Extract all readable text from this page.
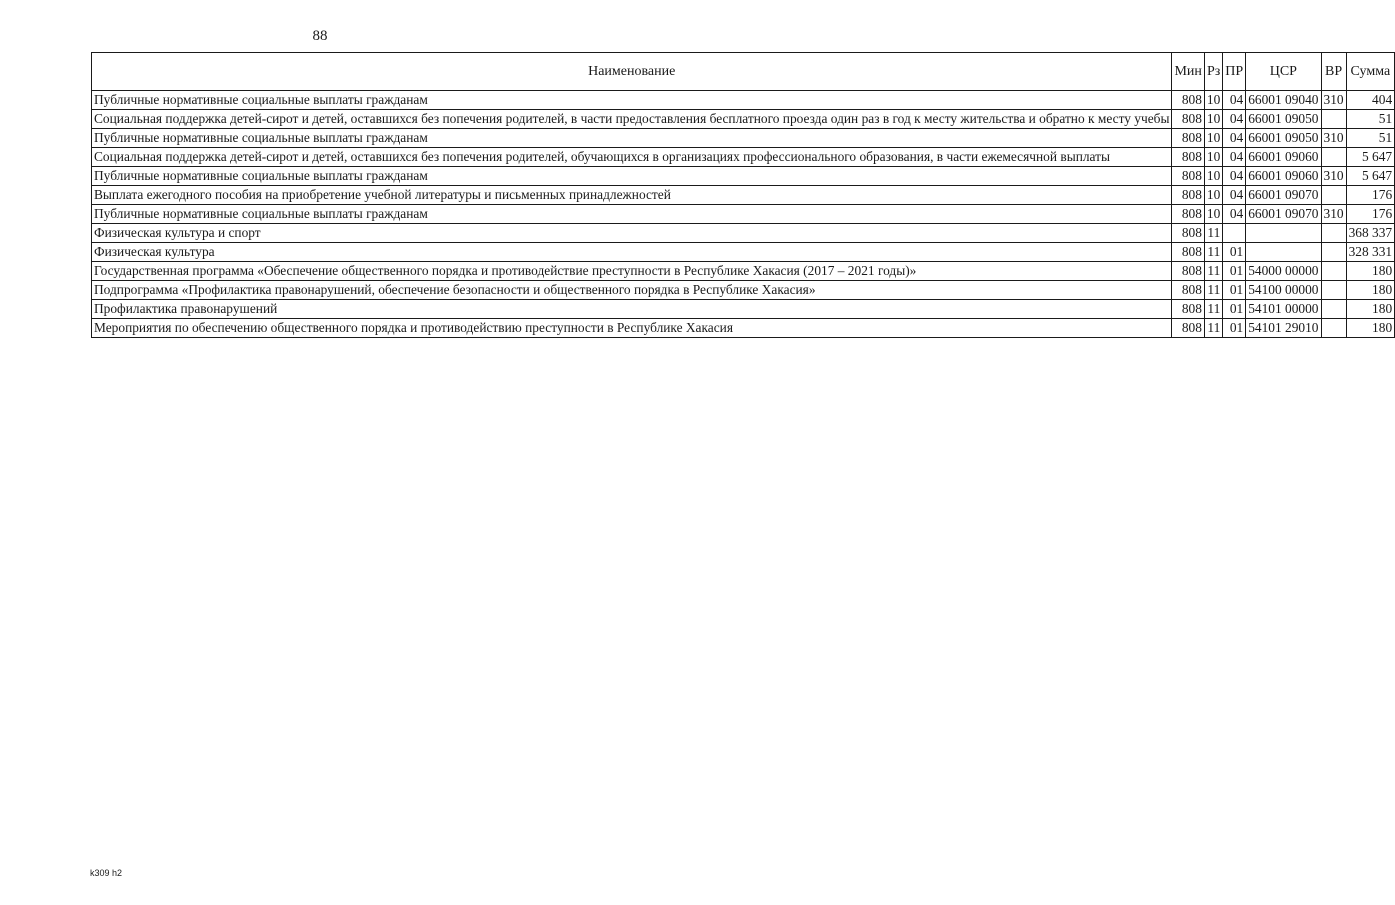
88
Наименование	Мин	Рз	ПР	ЦСР	ВР	Сумма
Публичные нормативные социальные выплаты гражданам	808	10	04	66001 09040	310	404
Социальная поддержка детей-сирот и детей, оставшихся без попечения родителей, в части предоставления бесплатного проезда один раз в год к месту жительства и обратно к месту учебы	808	10	04	66001 09050		51
Публичные нормативные социальные выплаты гражданам	808	10	04	66001 09050	310	51
Социальная поддержка детей-сирот и детей, оставшихся без попечения родителей, обучающихся в организациях профессионального образования, в части ежемесячной выплаты	808	10	04	66001 09060		5 647
Публичные нормативные социальные выплаты гражданам	808	10	04	66001 09060	310	5 647
Выплата ежегодного пособия на приобретение учебной литературы и письменных принадлежностей	808	10	04	66001 09070		176
Публичные нормативные социальные выплаты гражданам	808	10	04	66001 09070	310	176
Физическая культура и спорт	808	11				368 337
Физическая культура	808	11	01			328 331
Государственная программа «Обеспечение общественного порядка и противодействие преступности в Республике Хакасия (2017 – 2021 годы)»	808	11	01	54000 00000		180
Подпрограмма «Профилактика правонарушений, обеспечение безопасности и общественного порядка в Республике Хакасия»	808	11	01	54100 00000		180
Профилактика правонарушений	808	11	01	54101 00000		180
Мероприятия по обеспечению общественного порядка и противодействию преступности в Республике Хакасия	808	11	01	54101 29010		180
k309 h2
